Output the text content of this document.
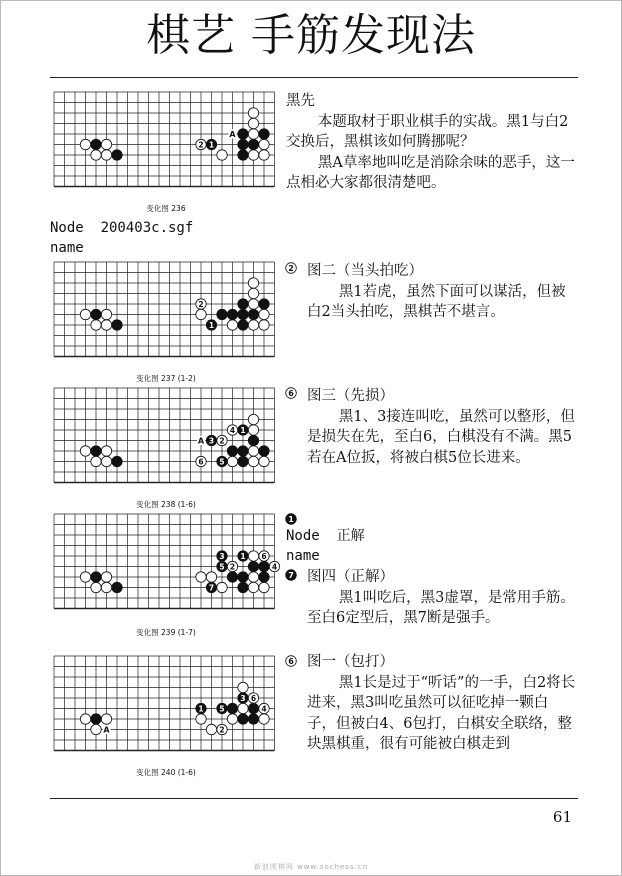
棋艺 手筋发现法
2 1
A
变化图 236

黑先

本题取材于职业棋手的实战。黑1与白2交换后，黑棋该如何腾挪呢？

黑A草率地叫吃是消除余味的恶手，这一点相必大家都很清楚吧。

Node  200403c.sgf
name
2
1
变化图 237 (1-2)
2 图二（当头拍吃）

黑1若虎，虽然下面可以谋活，但被白2当头拍吃，黑棋苦不堪言。

A 3 2
4 1
6 5
变化图 238 (1-6)
6 图三（先损）

黑1、3接连叫吃，虽然可以整形，但是损失在先，至白6，白棋没有不满。黑5若在A位扳，将被白棋5位长进来。

3 1 6
5 2	4
7
变化图 239 (1-7)
1
Node  正解
name
7 图四（正解）

黑1叫吃后，黑3虚罩，是常用手筋。至白6定型后，黑7断是强手。

A
1 5
2
3 6
4
变化图 240 (1-6)
6 图一（包打）

黑1长是过于“听话”的一手，白2将长进来，黑3叫吃虽然可以征吃掉一颗白子，但被白4、6包打，白棋安全联络，整块黑棋重，很有可能被白棋走到

61
新浪围棋网 www.sochess.cn
